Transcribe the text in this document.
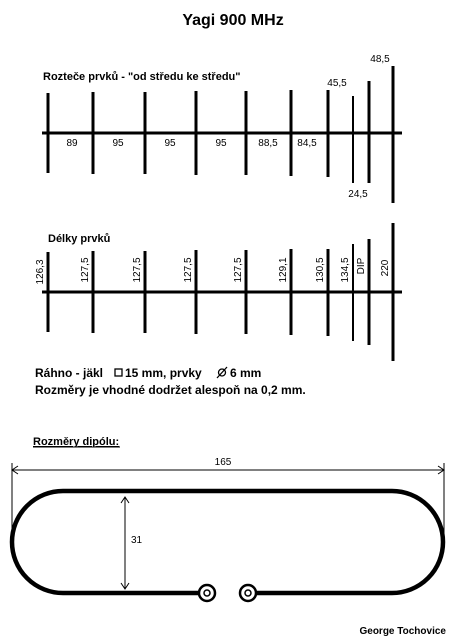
Yagi 900 MHz
Rozteče prvků - "od středu ke středu"
89	95	95	95	88,5 84,5
45,5
48,5
24,5
Délky prvků
126,3	127,5	127,5	127,5	127,5	129,1	130,5 134,5 DIP 220
Ráhno - jäkl 15 mm, prvky 6 mm
Rozměry je vhodné dodržet alespoň na 0,2 mm.
Rozměry dipólu:
165
31
George Tochovice
